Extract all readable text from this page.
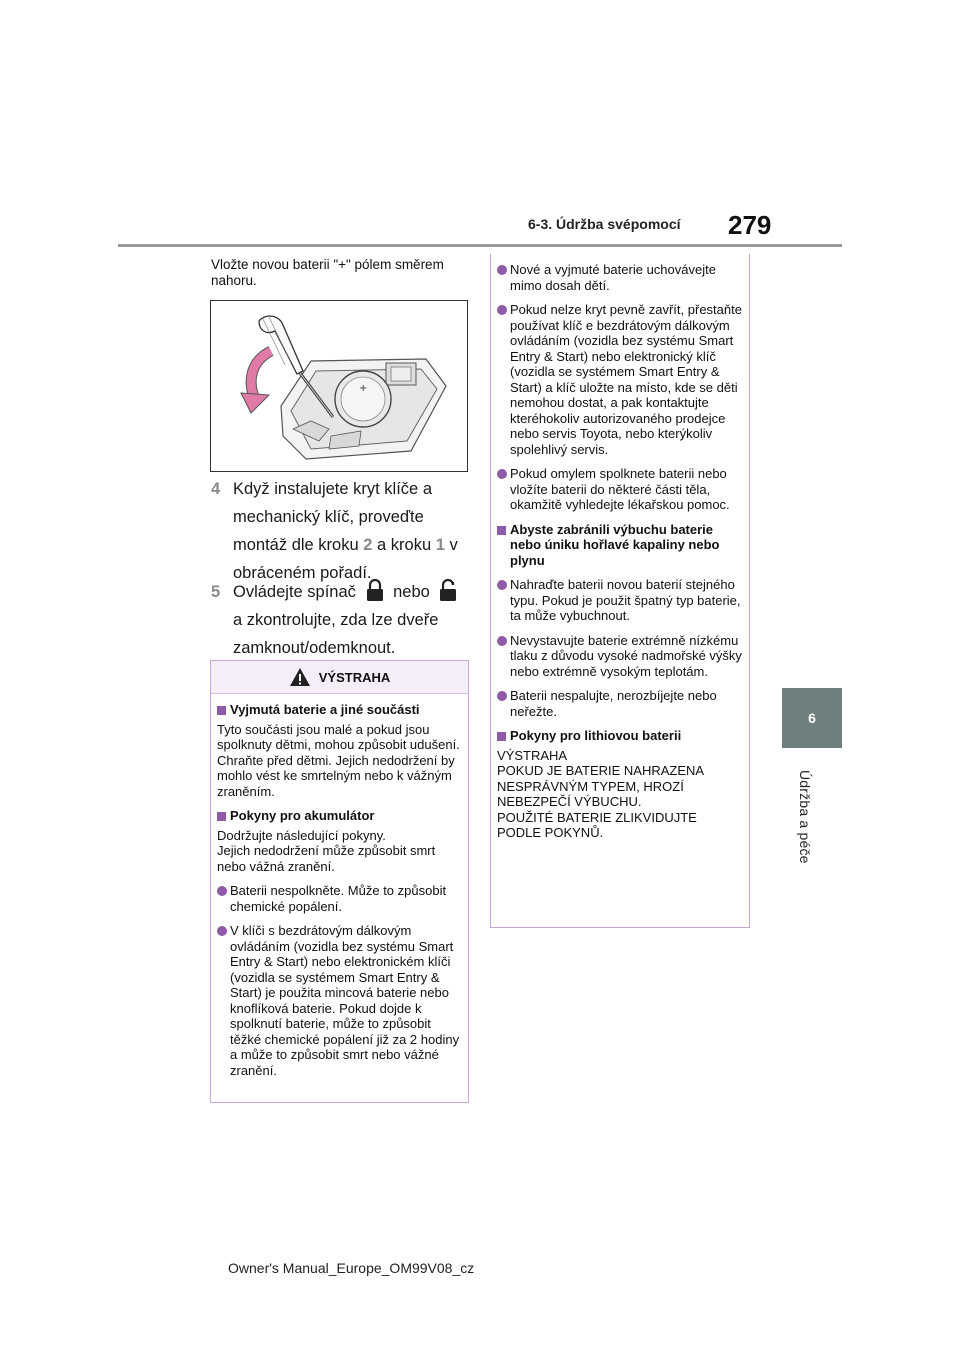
6-3. Údržba svépomocí 279
6
Údržba a péče
Vložte novou baterii "+" pólem směrem nahoru.
+
4 Když instalujete kryt klíče a mechanický klíč, proveďte montáž dle kroku 2 a kroku 1 v obráceném pořadí.
5 Ovládejte spínač nebo
a zkontrolujte, zda lze dveře zamknout/odemknout.
VÝSTRAHA
Vyjmutá baterie a jiné součásti
Tyto součásti jsou malé a pokud jsou spolknuty dětmi, mohou způsobit udušení. Chraňte před dětmi. Jejich nedodržení by mohlo vést ke smrtelným nebo k vážným zraněním.
Pokyny pro akumulátor
Dodržujte následující pokyny.
Jejich nedodržení může způsobit smrt nebo vážná zranění.
Baterii nespolkněte. Může to způsobit chemické popálení.
V klíči s bezdrátovým dálkovým ovládáním (vozidla bez systému Smart Entry & Start) nebo elektronickém klíči (vozidla se systémem Smart Entry & Start) je použita mincová baterie nebo knoflíková baterie. Pokud dojde k spolknutí baterie, může to způsobit těžké chemické popálení již za 2 hodiny a může to způsobit smrt nebo vážné zranění.
Nové a vyjmuté baterie uchovávejte mimo dosah dětí.
Pokud nelze kryt pevně zavřít, přestaňte používat klíč e bezdrátovým dálkovým ovládáním (vozidla bez systému Smart Entry & Start) nebo elektronický klíč (vozidla se systémem Smart Entry & Start) a klíč uložte na místo, kde se děti nemohou dostat, a pak kontaktujte kteréhokoliv autorizovaného prodejce nebo servis Toyota, nebo kterýkoliv spolehlivý servis.
Pokud omylem spolknete baterii nebo vložíte baterii do některé části těla, okamžitě vyhledejte lékařskou pomoc.
Abyste zabránili výbuchu baterie nebo úniku hořlavé kapaliny nebo plynu
Nahraďte baterii novou baterií stejného typu. Pokud je použit špatný typ baterie, ta může vybuchnout.
Nevystavujte baterie extrémně nízkému tlaku z důvodu vysoké nadmořské výšky nebo extrémně vysokým teplotám.
Baterii nespalujte, nerozbíjejte nebo neřežte.
Pokyny pro lithiovou baterii
VÝSTRAHA
POKUD JE BATERIE NAHRAZENA NESPRÁVNÝM TYPEM, HROZÍ NEBEZPEČÍ VÝBUCHU.
POUŽITÉ BATERIE ZLIKVIDUJTE PODLE POKYNŮ.
Owner's Manual_Europe_OM99V08_cz
